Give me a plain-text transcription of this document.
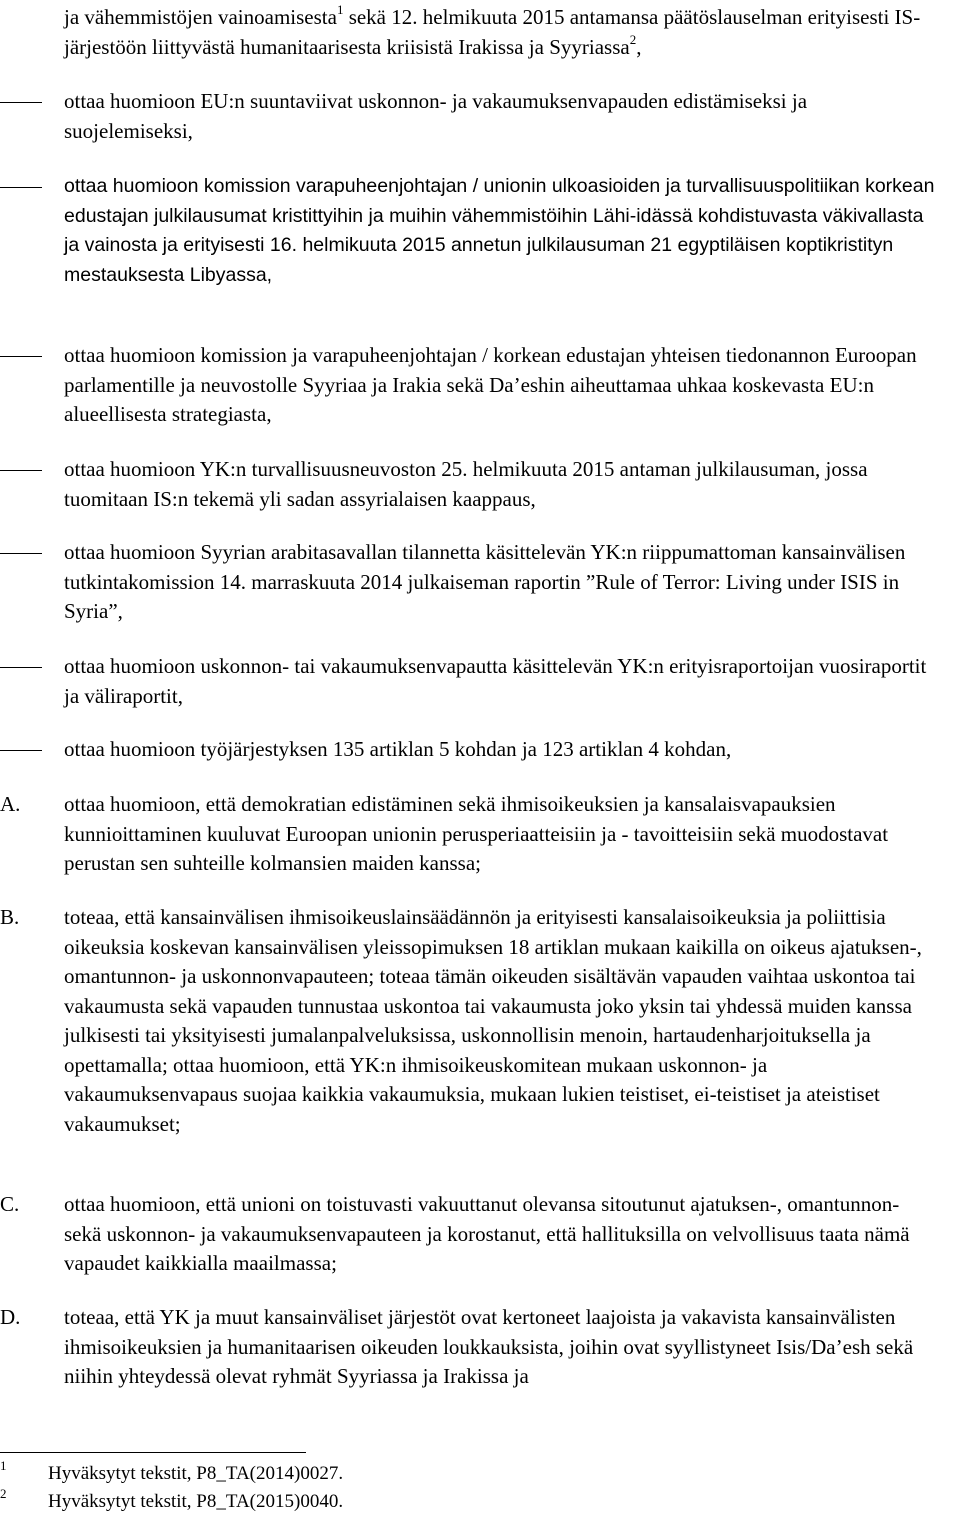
ja vähemmistöjen vainoamisesta$^1$ sekä 12. helmikuuta 2015 antamansa päätöslauselman erityisesti IS-järjestöön liittyvästä humanitaarisesta kriisistä Irakissa ja Syyriassa$^2$,
ottaa huomioon EU:n suuntaviivat uskonnon- ja vakaumuksenvapauden edistämiseksi ja suojelemiseksi,
ottaa huomioon komission varapuheenjohtajan / unionin ulkoasioiden ja turvallisuuspolitiikan korkean edustajan julkilausumat kristittyihin ja muihin vähemmistöihin Lähi-idässä kohdistuvasta väkivallasta ja vainosta ja erityisesti 16. helmikuuta 2015 annetun julkilausuman 21 egyptiläisen koptikristityn mestauksesta Libyassa,
ottaa huomioon komission ja varapuheenjohtajan / korkean edustajan yhteisen tiedonannon Euroopan parlamentille ja neuvostolle Syyriaa ja Irakia sekä Da’eshin aiheuttamaa uhkaa koskevasta EU:n alueellisesta strategiasta,
ottaa huomioon YK:n turvallisuusneuvoston 25. helmikuuta 2015 antaman julkilausuman, jossa tuomitaan IS:n tekemä yli sadan assyrialaisen kaappaus,
ottaa huomioon Syyrian arabitasavallan tilannetta käsittelevän YK:n riippumattoman kansainvälisen tutkintakomission 14. marraskuuta 2014 julkaiseman raportin ”Rule of Terror: Living under ISIS in Syria”,
ottaa huomioon uskonnon- tai vakaumuksenvapautta käsittelevän YK:n erityisraportoijan vuosiraportit ja väliraportit,
ottaa huomioon työjärjestyksen 135 artiklan 5 kohdan ja 123 artiklan 4 kohdan,
A.	ottaa huomioon, että demokratian edistäminen sekä ihmisoikeuksien ja kansalaisvapauksien kunnioittaminen kuuluvat Euroopan unionin perusperiaatteisiin ja - tavoitteisiin sekä muodostavat perustan sen suhteille kolmansien maiden kanssa;
B.	toteaa, että kansainvälisen ihmisoikeuslainsäädännön ja erityisesti kansalaisoikeuksia ja poliittisia oikeuksia koskevan kansainvälisen yleissopimuksen 18 artiklan mukaan kaikilla on oikeus ajatuksen-, omantunnon- ja uskonnonvapauteen; toteaa tämän oikeuden sisältävän vapauden vaihtaa uskontoa tai vakaumusta sekä vapauden tunnustaa uskontoa tai vakaumusta joko yksin tai yhdessä muiden kanssa julkisesti tai yksityisesti jumalanpalveluksissa, uskonnollisin menoin, hartaudenharjoituksella ja opettamalla; ottaa huomioon, että YK:n ihmisoikeuskomitean mukaan uskonnon- ja vakaumuksenvapaus suojaa kaikkia vakaumuksia, mukaan lukien teistiset, ei-teistiset ja ateistiset vakaumukset;
C.	ottaa huomioon, että unioni on toistuvasti vakuuttanut olevansa sitoutunut ajatuksen-, omantunnon- sekä uskonnon- ja vakaumuksenvapauteen ja korostanut, että hallituksilla on velvollisuus taata nämä vapaudet kaikkialla maailmassa;
D.	toteaa, että YK ja muut kansainväliset järjestöt ovat kertoneet laajoista ja vakavista kansainvälisten ihmisoikeuksien ja humanitaarisen oikeuden loukkauksista, joihin ovat syyllistyneet Isis/Da’esh sekä niihin yhteydessä olevat ryhmät Syyriassa ja Irakissa ja
1 Hyväksytyt tekstit, P8_TA(2014)0027.
2 Hyväksytyt tekstit, P8_TA(2015)0040.
